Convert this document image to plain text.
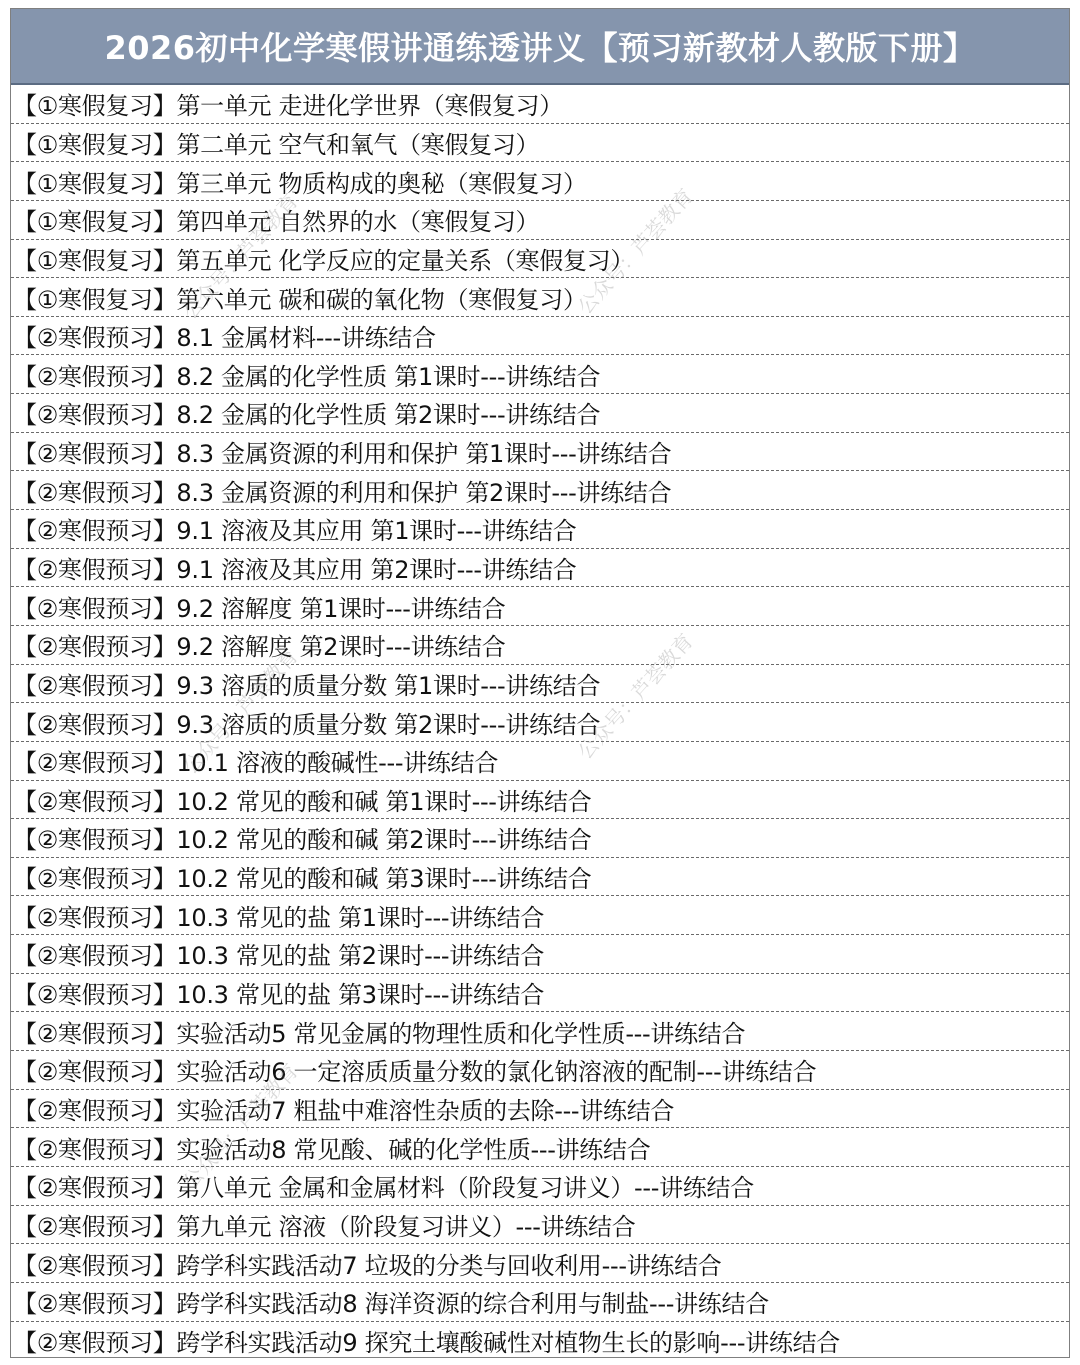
2026初中化学寒假讲通练透讲义【预习新教材人教版下册】
【①寒假复习】第一单元 走进化学世界（寒假复习）
【①寒假复习】第二单元 空气和氧气（寒假复习）
【①寒假复习】第三单元 物质构成的奥秘（寒假复习）
【①寒假复习】第四单元 自然界的水（寒假复习）
【①寒假复习】第五单元 化学反应的定量关系（寒假复习）
【①寒假复习】第六单元 碳和碳的氧化物（寒假复习）
【②寒假预习】8.1 金属材料---讲练结合
【②寒假预习】8.2 金属的化学性质 第1课时---讲练结合
【②寒假预习】8.2 金属的化学性质 第2课时---讲练结合
【②寒假预习】8.3 金属资源的利用和保护 第1课时---讲练结合
【②寒假预习】8.3 金属资源的利用和保护 第2课时---讲练结合
【②寒假预习】9.1 溶液及其应用 第1课时---讲练结合
【②寒假预习】9.1 溶液及其应用 第2课时---讲练结合
【②寒假预习】9.2 溶解度 第1课时---讲练结合
【②寒假预习】9.2 溶解度 第2课时---讲练结合
【②寒假预习】9.3 溶质的质量分数 第1课时---讲练结合
【②寒假预习】9.3 溶质的质量分数 第2课时---讲练结合
【②寒假预习】10.1 溶液的酸碱性---讲练结合
【②寒假预习】10.2 常见的酸和碱 第1课时---讲练结合
【②寒假预习】10.2 常见的酸和碱 第2课时---讲练结合
【②寒假预习】10.2 常见的酸和碱 第3课时---讲练结合
【②寒假预习】10.3 常见的盐 第1课时---讲练结合
【②寒假预习】10.3 常见的盐 第2课时---讲练结合
【②寒假预习】10.3 常见的盐 第3课时---讲练结合
【②寒假预习】实验活动5 常见金属的物理性质和化学性质---讲练结合
【②寒假预习】实验活动6 一定溶质质量分数的氯化钠溶液的配制---讲练结合
【②寒假预习】实验活动7 粗盐中难溶性杂质的去除---讲练结合
【②寒假预习】实验活动8 常见酸、碱的化学性质---讲练结合
【②寒假预习】第八单元 金属和金属材料（阶段复习讲义）---讲练结合
【②寒假预习】第九单元 溶液（阶段复习讲义）---讲练结合
【②寒假预习】跨学科实践活动7 垃圾的分类与回收利用---讲练结合
【②寒假预习】跨学科实践活动8 海洋资源的综合利用与制盐---讲练结合
【②寒假预习】跨学科实践活动9 探究土壤酸碱性对植物生长的影响---讲练结合
公众号：芦荟教育	公众号：芦荟教育
公众号：芦荟教育	公众号：芦荟教育
公众号：芦荟教育
